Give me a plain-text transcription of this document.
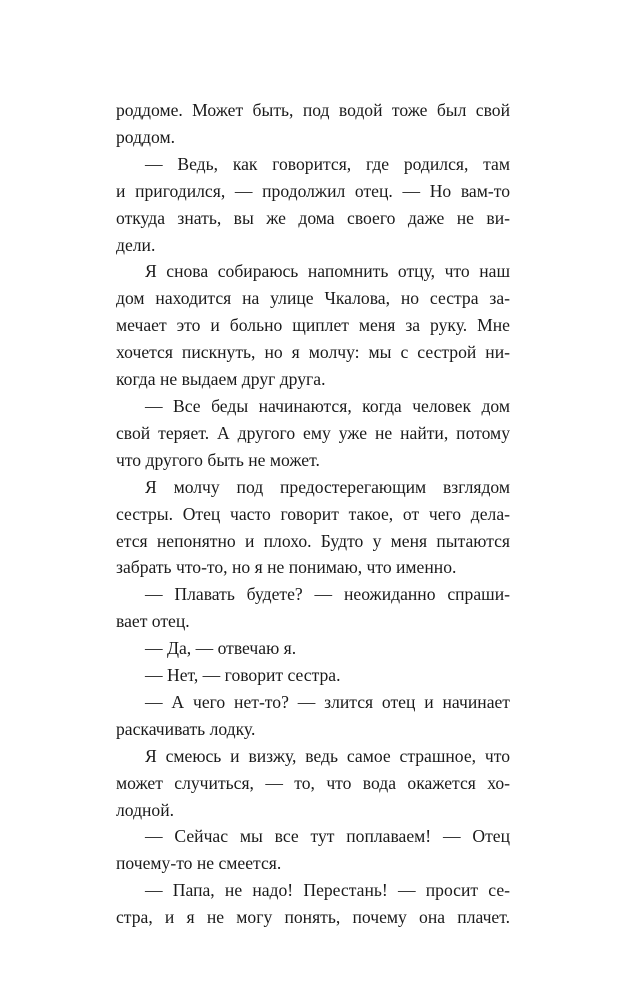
роддоме. Может быть, под водой тоже был свой
роддом.
— Ведь, как говорится, где родился, там
и пригодился, — продолжил отец. — Но вам-то
откуда знать, вы же дома своего даже не ви-
дели.
Я снова собираюсь напомнить отцу, что наш
дом находится на улице Чкалова, но сестра за-
мечает это и больно щиплет меня за руку. Мне
хочется пискнуть, но я молчу: мы с сестрой ни-
когда не выдаем друг друга.
— Все беды начинаются, когда человек дом
свой теряет. А другого ему уже не найти, потому
что другого быть не может.
Я молчу под предостерегающим взглядом
сестры. Отец часто говорит такое, от чего дела-
ется непонятно и плохо. Будто у меня пытаются
забрать что-то, но я не понимаю, что именно.
— Плавать будете? — неожиданно спраши-
вает отец.
— Да, — отвечаю я.
— Нет, — говорит сестра.
— А чего нет-то? — злится отец и начинает
раскачивать лодку.
Я смеюсь и визжу, ведь самое страшное, что
может случиться, — то, что вода окажется хо-
лодной.
— Сейчас мы все тут поплаваем! — Отец
почему-то не смеется.
— Папа, не надо! Перестань! — просит се-
стра, и я не могу понять, почему она плачет.
